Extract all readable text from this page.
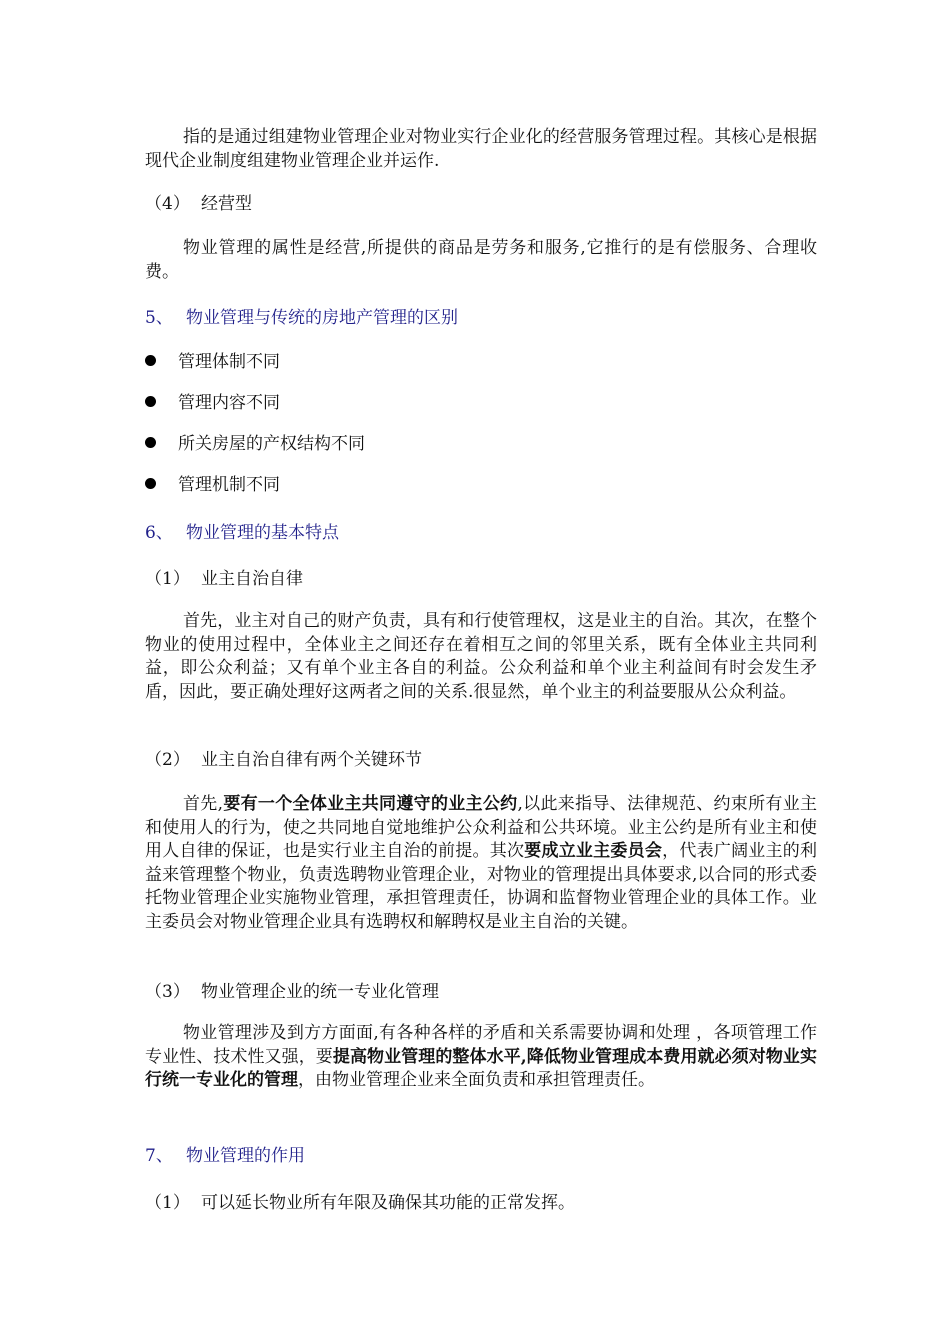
指的是通过组建物业管理企业对物业实行企业化的经营服务管理过程。其核心是根据现代企业制度组建物业管理企业并运作.

（4） 经营型

物业管理的属性是经营,所提供的商品是劳务和服务,它推行的是有偿服务、合理收费。

5、 物业管理与传统的房地产管理的区别
管理体制不同
管理内容不同
所关房屋的产权结构不同
管理机制不同
6、 物业管理的基本特点
（1） 业主自治自律

首先，业主对自己的财产负责，具有和行使管理权，这是业主的自治。其次，在整个物业的使用过程中，全体业主之间还存在着相互之间的邻里关系，既有全体业主共同利益，即公众利益；又有单个业主各自的利益。公众利益和单个业主利益间有时会发生矛盾，因此，要正确处理好这两者之间的关系.很显然，单个业主的利益要服从公众利益。

（2） 业主自治自律有两个关键环节

首先,要有一个全体业主共同遵守的业主公约,以此来指导、法律规范、约束所有业主和使用人的行为，使之共同地自觉地维护公众利益和公共环境。业主公约是所有业主和使用人自律的保证，也是实行业主自治的前提。其次要成立业主委员会，代表广阔业主的利益来管理整个物业，负责选聘物业管理企业，对物业的管理提出具体要求,以合同的形式委托物业管理企业实施物业管理，承担管理责任，协调和监督物业管理企业的具体工作。业主委员会对物业管理企业具有选聘权和解聘权是业主自治的关键。

（3） 物业管理企业的统一专业化管理

物业管理涉及到方方面面,有各种各样的矛盾和关系需要协调和处理 ，各项管理工作专业性、技术性又强，要提高物业管理的整体水平,降低物业管理成本费用就必须对物业实行统一专业化的管理，由物业管理企业来全面负责和承担管理责任。

7、 物业管理的作用
（1） 可以延长物业所有年限及确保其功能的正常发挥。
